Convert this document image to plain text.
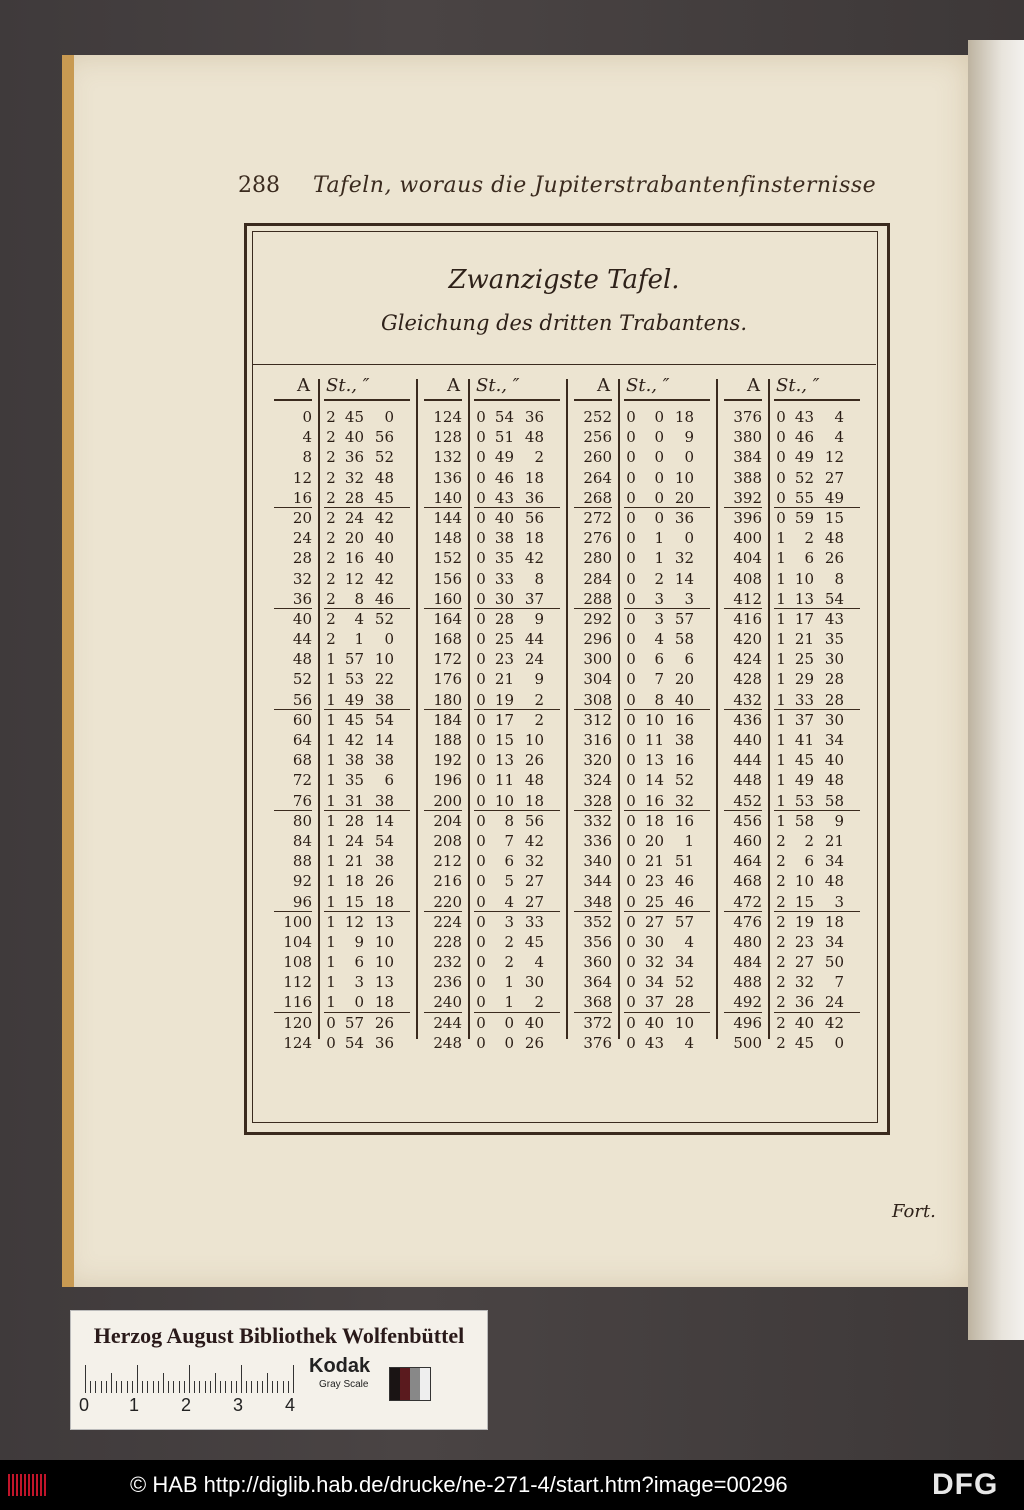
288 Tafeln, woraus die Jupiterstrabantenfinsternisse
Zwanzigste Tafel.
Gleichung des dritten Trabantens.
A St., ″
0 2 45	0
4 2 40 56
8 2 36 52
12 2 32 48
16 2 28 45
20 2 24 42
24 2 20 40
28 2 16 40
32 2 12 42
36 2	8 46
40 2	4 52
44 2	1	0
48 1 57 10
52 1 53 22
56 1 49 38
60 1 45 54
64 1 42 14
68 1 38 38
72 1 35	6
76 1 31 38
80 1 28 14
84 1 24 54
88 1 21 38
92 1 18 26
96 1 15 18
100 1 12 13
104 1	9 10
108 1	6 10
112 1	3 13
116 1	0 18
120 0 57 26
124 0 54 36
A St., ″
124 0 54 36
128 0 51 48
132 0 49	2
136 0 46 18
140 0 43 36
144 0 40 56
148 0 38 18
152 0 35 42
156 0 33	8
160 0 30 37
164 0 28	9
168 0 25 44
172 0 23 24
176 0 21	9
180 0 19	2
184 0 17	2
188 0 15 10
192 0 13 26
196 0 11 48
200 0 10 18
204 0	8 56
208 0	7 42
212 0	6 32
216 0	5 27
220 0	4 27
224 0	3 33
228 0	2 45
232 0	2	4
236 0	1 30
240 0	1	2
244 0	0 40
248 0	0 26
A St., ″
252 0	0 18
256 0	0	9
260 0	0	0
264 0	0 10
268 0	0 20
272 0	0 36
276 0	1	0
280 0	1 32
284 0	2 14
288 0	3	3
292 0	3 57
296 0	4 58
300 0	6	6
304 0	7 20
308 0	8 40
312 0 10 16
316 0 11 38
320 0 13 16
324 0 14 52
328 0 16 32
332 0 18 16
336 0 20	1
340 0 21 51
344 0 23 46
348 0 25 46
352 0 27 57
356 0 30	4
360 0 32 34
364 0 34 52
368 0 37 28
372 0 40 10
376 0 43	4
A St., ″
376 0 43	4
380 0 46	4
384 0 49 12
388 0 52 27
392 0 55 49
396 0 59 15
400 1	2 48
404 1	6 26
408 1 10	8
412 1 13 54
416 1 17 43
420 1 21 35
424 1 25 30
428 1 29 28
432 1 33 28
436 1 37 30
440 1 41 34
444 1 45 40
448 1 49 48
452 1 53 58
456 1 58	9
460 2	2 21
464 2	6 34
468 2 10 48
472 2 15	3
476 2 19 18
480 2 23 34
484 2 27 50
488 2 32	7
492 2 36 24
496 2 40 42
500 2 45	0
Fort.
Herzog August Bibliothek Wolfenbüttel
0 1 2 3 4
Kodak
Gray Scale
© HAB http://diglib.hab.de/drucke/ne-271-4/start.htm?image=00296	DFG
